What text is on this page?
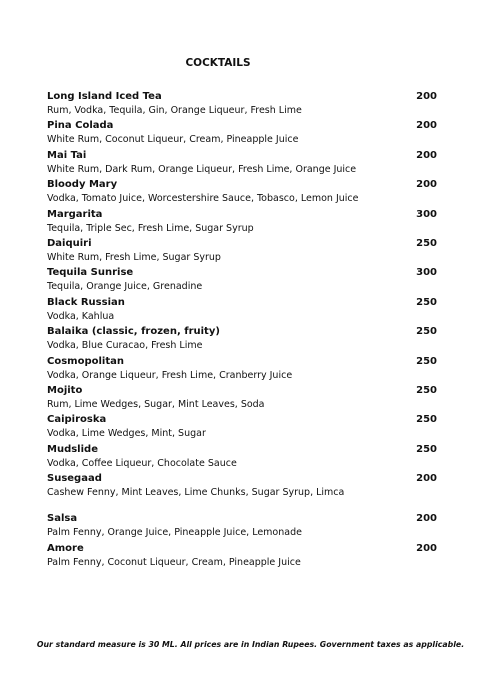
COCKTAILS
Long Island Iced Tea	200
Rum, Vodka, Tequila, Gin, Orange Liqueur, Fresh Lime
Pina Colada	200
White Rum, Coconut Liqueur, Cream, Pineapple Juice
Mai Tai	200
White Rum, Dark Rum, Orange Liqueur, Fresh Lime, Orange Juice
Bloody Mary	200
Vodka, Tomato Juice, Worcestershire Sauce, Tobasco, Lemon Juice
Margarita	300
Tequila, Triple Sec, Fresh Lime, Sugar Syrup
Daiquiri	250
White Rum, Fresh Lime, Sugar Syrup
Tequila Sunrise	300
Tequila, Orange Juice, Grenadine
Black Russian	250
Vodka, Kahlua
Balaika (classic, frozen, fruity)	250
Vodka, Blue Curacao, Fresh Lime
Cosmopolitan	250
Vodka, Orange Liqueur, Fresh Lime, Cranberry Juice
Mojito	250
Rum, Lime Wedges, Sugar, Mint Leaves, Soda
Caipiroska	250
Vodka, Lime Wedges, Mint, Sugar
Mudslide	250
Vodka, Coffee Liqueur, Chocolate Sauce
Susegaad	200
Cashew Fenny, Mint Leaves, Lime Chunks, Sugar Syrup, Limca
Salsa	200
Palm Fenny, Orange Juice, Pineapple Juice, Lemonade
Amore	200
Palm Fenny, Coconut Liqueur, Cream, Pineapple Juice
Our standard measure is 30 ML. All prices are in Indian Rupees. Government taxes as applicable.
